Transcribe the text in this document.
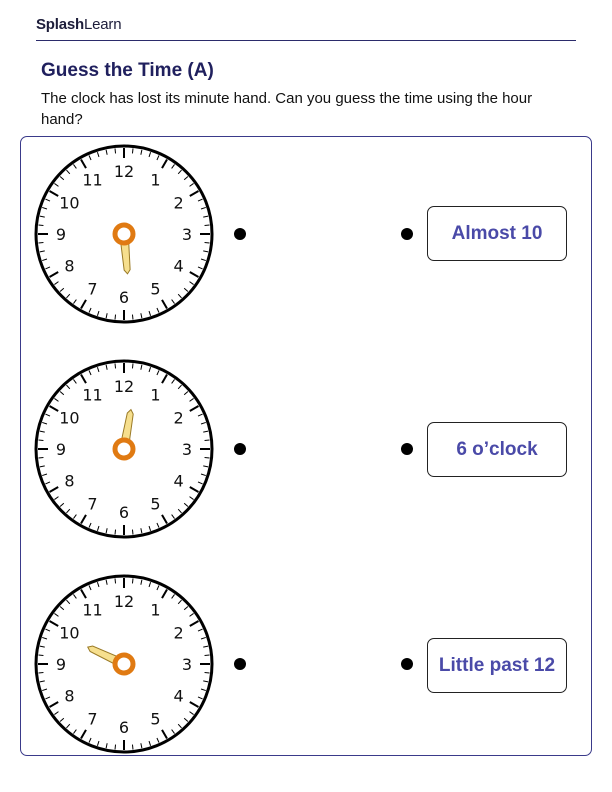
SplashLearn
Guess the Time (A)
The clock has lost its minute hand. Can you guess the time using the hour hand?
12 1
2
3
4
5
6
7
8
9
10
11
Almost 10
12 1
2
3
4
5
6
7
8
9
10
11
6 o’clock
12 1
2
3
4
5
6
7
8
9
10
11
Little past 12
